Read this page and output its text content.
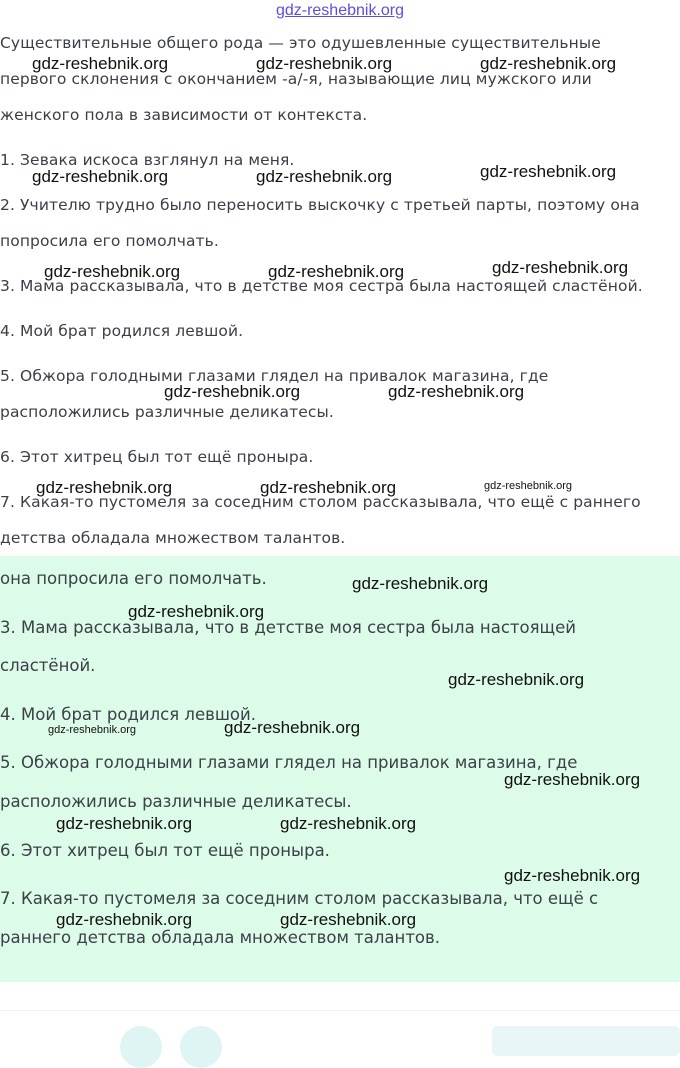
gdz-reshebnik.org
Существительные общего рода — это одушевленные существительные
первого склонения с окончанием -а/-я, называющие лиц мужского или
женского пола в зависимости от контекста.
1. Зевака искоса взглянул на меня.
2. Учителю трудно было переносить выскочку с третьей парты, поэтому она
попросила его помолчать.
3. Мама рассказывала, что в детстве моя сестра была настоящей сластёной.
4. Мой брат родился левшой.
5. Обжора голодными глазами глядел на привалок магазина, где
расположились различные деликатесы.
6. Этот хитрец был тот ещё проныра.
7. Какая-то пустомеля за соседним столом рассказывала, что ещё с раннего
детства обладала множеством талантов.
она попросила его помолчать.
3. Мама рассказывала, что в детстве моя сестра была настоящей
сластёной.
4. Мой брат родился левшой.
5. Обжора голодными глазами глядел на привалок магазина, где
расположились различные деликатесы.
6. Этот хитрец был тот ещё проныра.
7. Какая-то пустомеля за соседним столом рассказывала, что ещё с
раннего детства обладала множеством талантов.
gdz-reshebnik.org	gdz-reshebnik.org	gdz-reshebnik.org
gdz-reshebnik.org	gdz-reshebnik.org	gdz-reshebnik.org
gdz-reshebnik.org	gdz-reshebnik.org	gdz-reshebnik.org
gdz-reshebnik.org	gdz-reshebnik.org
gdz-reshebnik.org	gdz-reshebnik.org	gdz-reshebnik.org
gdz-reshebnik.org
gdz-reshebnik.org
gdz-reshebnik.org
gdz-reshebnik.org	gdz-reshebnik.org
gdz-reshebnik.org
gdz-reshebnik.org	gdz-reshebnik.org
gdz-reshebnik.org
gdz-reshebnik.org	gdz-reshebnik.org
